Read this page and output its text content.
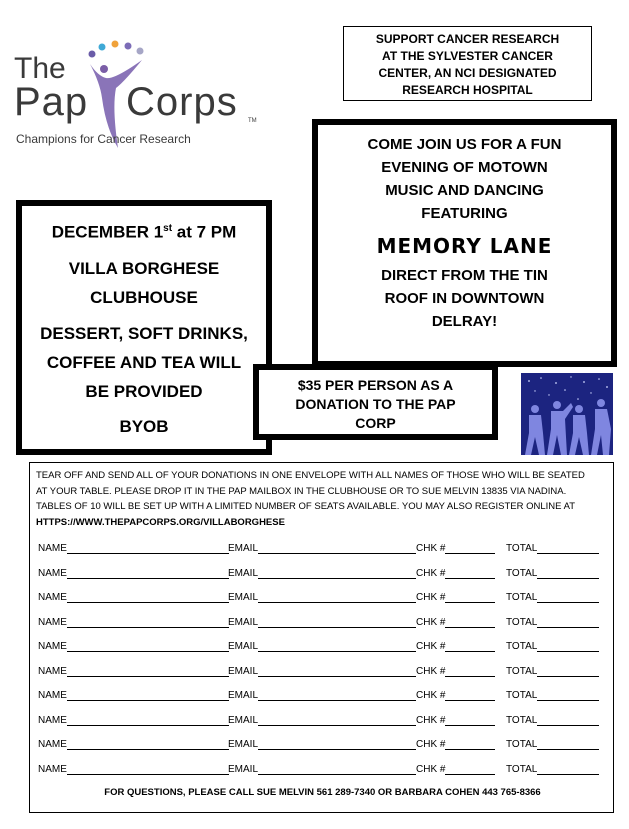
The
Pap Corps TM
Champions for Cancer Research
SUPPORT CANCER RESEARCH
AT THE SYLVESTER CANCER
CENTER, AN NCI DESIGNATED
RESEARCH HOSPITAL
COME JOIN US FOR A FUN
EVENING OF MOTOWN
MUSIC AND DANCING
FEATURING
MEMORY LANE
DIRECT FROM THE TIN
ROOF IN DOWNTOWN
DELRAY!

DECEMBER 1st at 7 PM

VILLA BORGHESE
CLUBHOUSE

DESSERT, SOFT DRINKS,
COFFEE AND TEA WILL
BE PROVIDED

BYOB

$35 PER PERSON AS A
DONATION TO THE PAP
CORP
TEAR OFF AND SEND ALL OF YOUR DONATIONS IN ONE ENVELOPE WITH ALL NAMES OF THOSE WHO WILL BE SEATED
AT YOUR TABLE. PLEASE DROP IT IN THE PAP MAILBOX IN THE CLUBHOUSE OR TO SUE MELVIN 13835 VIA NADINA.
TABLES OF 10 WILL BE SET UP WITH A LIMITED NUMBER OF SEATS AVAILABLE. YOU MAY ALSO REGISTER ONLINE AT
HTTPS://WWW.THEPAPCORPS.ORG/VILLABORGHESE
NAME	EMAIL	CHK #	TOTAL
NAME	EMAIL	CHK #	TOTAL
NAME	EMAIL	CHK #	TOTAL
NAME	EMAIL	CHK #	TOTAL
NAME	EMAIL	CHK #	TOTAL
NAME	EMAIL	CHK #	TOTAL
NAME	EMAIL	CHK #	TOTAL
NAME	EMAIL	CHK #	TOTAL
NAME	EMAIL	CHK #	TOTAL
NAME	EMAIL	CHK #	TOTAL
FOR QUESTIONS, PLEASE CALL SUE MELVIN 561 289-7340 OR BARBARA COHEN 443 765-8366
